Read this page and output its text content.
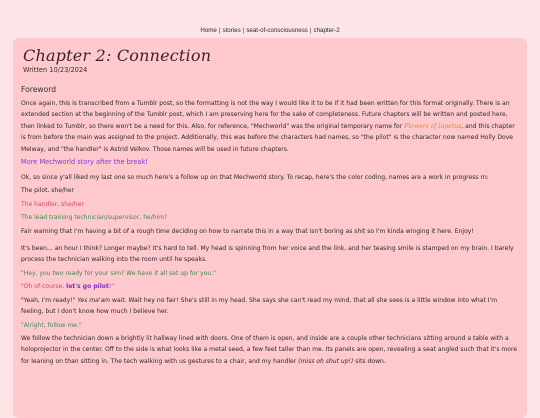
Home | stories | seat-of-consciousness | chapter-2
Chapter 2: Connection
Written 10/23/2024
Foreword

Once again, this is transcribed from a Tumblr post, so the formatting is not the way I would like it to be if it had been written for this format originally. There is an extended section at the beginning of the Tumblr post, which I am preserving here for the sake of completeness. Future chapters will be written and posted here, then linked to Tumblr, so there won't be a need for this. Also, for reference, "Mechworld" was the original temporary name for Flowers of Iapetus, and this chapter is from before the main was assigned to the project. Additionally, this was before the characters had names, so "the pilot" is the character now named Holly Dove Melway, and "the handler" is Astrid Velkov. Those names will be used in future chapters.

More Mechworld story after the break!

Ok, so since y'all liked my last one so much here's a follow up on that Mechworld story. To recap, here's the color coding, names are a work in progress rn:

The pilot, she/her

The handler, she/her

The lead training technician/supervisor, he/him?

Fair warning that I'm having a bit of a rough time deciding on how to narrate this in a way that isn't boring as shit so I'm kinda winging it here. Enjoy!

It's been... an hour I think? Longer maybe? It's hard to tell. My head is spinning from her voice and the link, and her teasing smile is stamped on my brain. I barely process the technician walking into the room until he speaks.

"Hey, you two ready for your sim? We have it all set up for you."

"Oh of course, let's go pilot!"

"Yeah, I'm ready!" Yes ma'am wait. Wait hey no fair! She's still in my head. She says she can't read my mind, that all she sees is a little window into what I'm feeling, but I don't know how much I believe her.

"Alright, follow me."

We follow the technician down a brightly lit hallway lined with doors. One of them is open, and inside are a couple other technicians sitting around a table with a holoprojector in the center. Off to the side is what looks like a metal seed, a few feet taller than me. Its panels are open, revealing a seat angled such that it's more for leaning on than sitting in. The tech walking with us gestures to a chair, and my handler (miss oh shut up!) sits down.
